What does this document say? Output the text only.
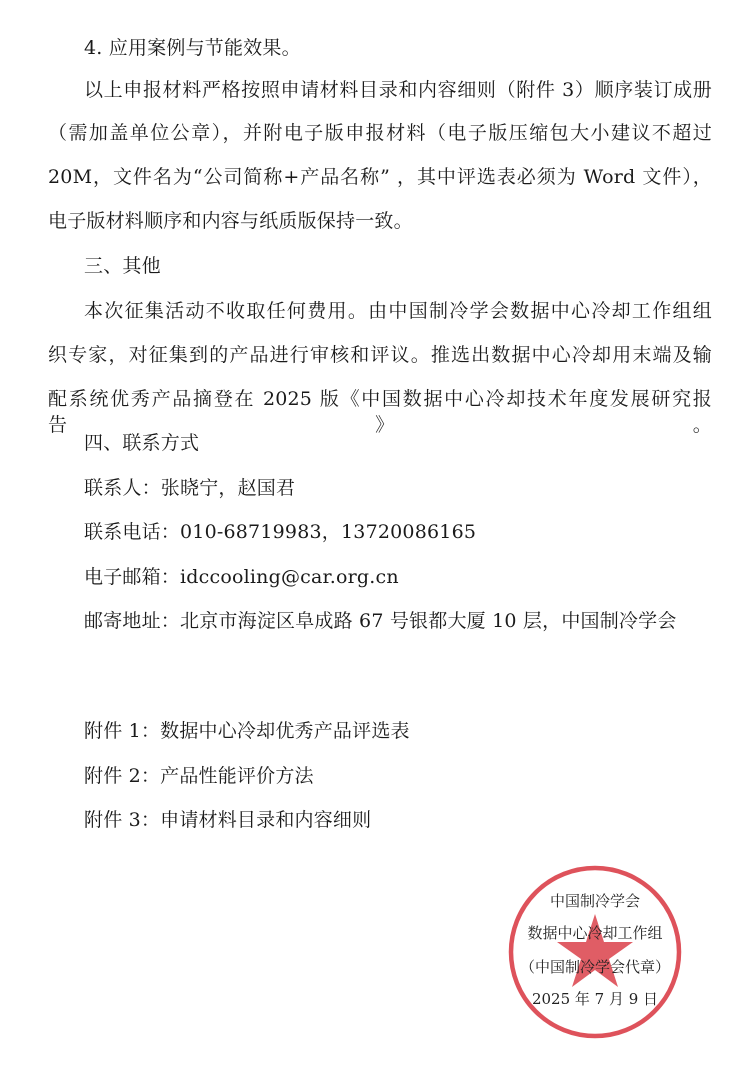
4. 应用案例与节能效果。
以上申报材料严格按照申请材料目录和内容细则（附件 3）顺序装订成册
（需加盖单位公章），并附电子版申报材料（电子版压缩包大小建议不超过
20M，文件名为“公司简称+产品名称” ，其中评选表必须为 Word 文件），
电子版材料顺序和内容与纸质版保持一致。
三、其他
本次征集活动不收取任何费用。由中国制冷学会数据中心冷却工作组组
织专家，对征集到的产品进行审核和评议。推选出数据中心冷却用末端及输
配系统优秀产品摘登在 2025 版《中国数据中心冷却技术年度发展研究报告》。
四、联系方式
联系人：张晓宁，赵国君
联系电话：010-68719983，13720086165
电子邮箱：idccooling@car.org.cn
邮寄地址：北京市海淀区阜成路 67 号银都大厦 10 层，中国制冷学会
附件 1：数据中心冷却优秀产品评选表
附件 2：产品性能评价方法
附件 3：申请材料目录和内容细则
中国制冷学会
数据中心冷却工作组
（中国制冷学会代章）
2025 年 7 月 9 日
